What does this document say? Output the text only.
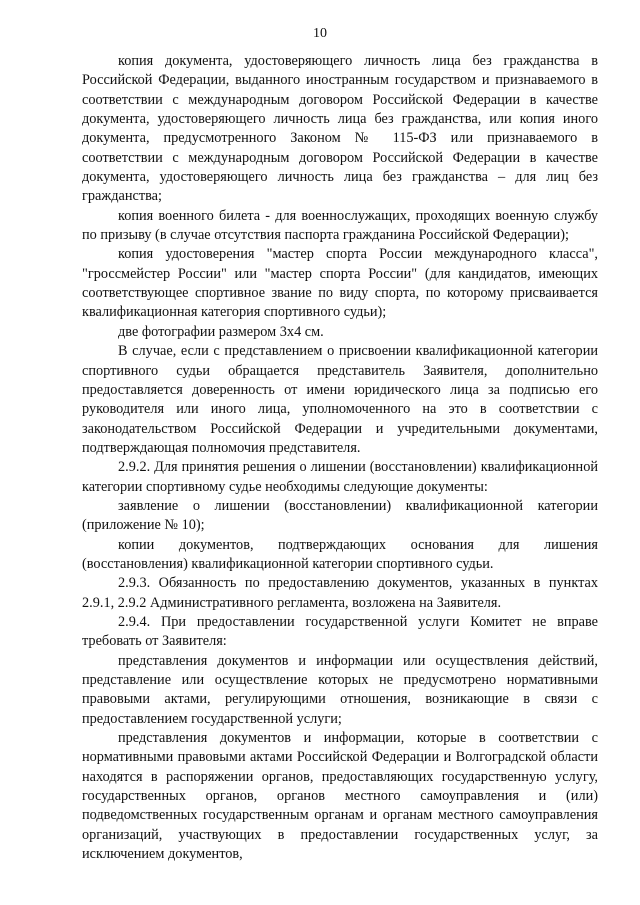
10

копия документа, удостоверяющего личность лица без гражданства в Российской Федерации, выданного иностранным государством и признаваемого в соответствии с международным договором Российской Федерации в качестве документа, удостоверяющего личность лица без гражданства, или копия иного документа, предусмотренного Законом № 115-ФЗ или признаваемого в соответствии с международным договором Российской Федерации в качестве документа, удостоверяющего личность лица без гражданства – для лиц без гражданства;

копия военного билета - для военнослужащих, проходящих военную службу по призыву (в случае отсутствия паспорта гражданина Российской Федерации);

копия удостоверения "мастер спорта России международного класса", "гроссмейстер России" или "мастер спорта России" (для кандидатов, имеющих соответствующее спортивное звание по виду спорта, по которому присваивается квалификационная категория спортивного судьи);

две фотографии размером 3х4 см.

В случае, если с представлением о присвоении квалификационной категории спортивного судьи обращается представитель Заявителя, дополнительно предоставляется доверенность от имени юридического лица за подписью его руководителя или иного лица, уполномоченного на это в соответствии с законодательством Российской Федерации и учредительными документами, подтверждающая полномочия представителя.

2.9.2. Для принятия решения о лишении (восстановлении) квалификационной категории спортивному судье необходимы следующие документы:

заявление о лишении (восстановлении) квалификационной категории (приложение № 10);

копии документов, подтверждающих основания для лишения (восстановления) квалификационной категории спортивного судьи.

2.9.3. Обязанность по предоставлению документов, указанных в пунктах 2.9.1, 2.9.2 Административного регламента, возложена на Заявителя.

2.9.4. При предоставлении государственной услуги Комитет не вправе требовать от Заявителя:

представления документов и информации или осуществления действий, представление или осуществление которых не предусмотрено нормативными правовыми актами, регулирующими отношения, возникающие в связи с предоставлением государственной услуги;

представления документов и информации, которые в соответствии с нормативными правовыми актами Российской Федерации и Волгоградской области находятся в распоряжении органов, предоставляющих государственную услугу, государственных органов, органов местного самоуправления и (или) подведомственных государственным органам и органам местного самоуправления организаций, участвующих в предоставлении государственных услуг, за исключением документов,
